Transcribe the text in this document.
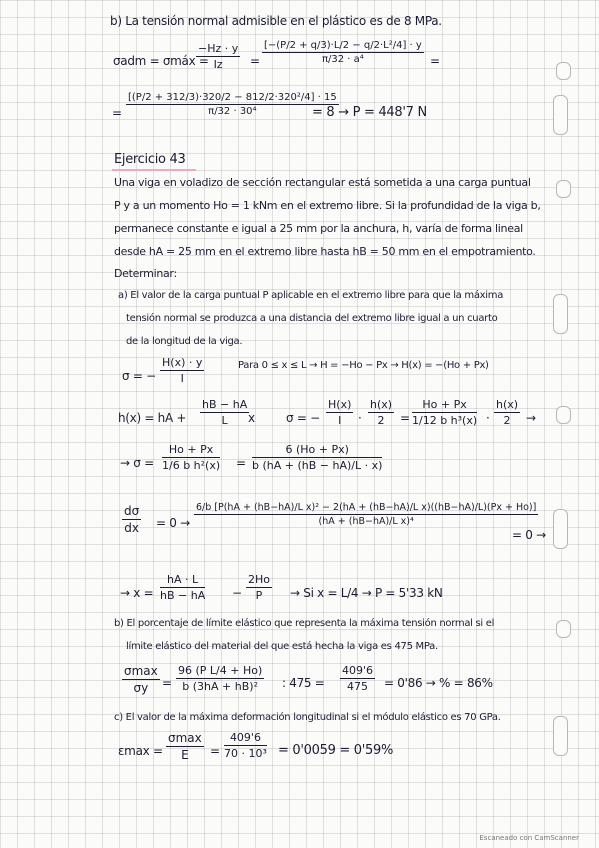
b) La tensión normal admisible en el plástico es de 8 MPa.
σadm = σmáx =
$\frac{-Hz \cdot y}{Iz} = \frac{\text{[−(P/2 + q/3)·L/2 − q/2·L²/4] · y}}{\text{π/32 · a⁴}}$ =
= $\frac{\text{[(P/2 + 312/3)·320/2 − 812/2·320²/4] · 15}}{\text{π/32 · 30⁴}}$
= 8 → P = 448'7 N
Ejercicio 43
Una viga en voladizo de sección rectangular está sometida a una carga puntual
P y a un momento Ho = 1 kNm en el extremo libre. Si la profundidad de la viga b,
permanece constante e igual a 25 mm por la anchura, h, varía de forma lineal
desde hA = 25 mm en el extremo libre hasta hB = 50 mm en el empotramiento.
Determinar:
a) El valor de la carga puntual P aplicable en el extremo libre para que la máxima
tensión normal se produzca a una distancia del extremo libre igual a un cuarto
de la longitud de la viga.
σ = − $\frac{H(x) \cdot y}{I}$	Para 0 ≤ x ≤ L → H = −Ho − Px → H(x) = −(Ho + Px)
h(x) = hA + $\frac{hB - hA}{L}$
x	σ = − $\frac{H(x)}{I} \cdot \frac{h(x)}{2} = \frac{Ho + Px}{\text{1/12 b h³(x)}} \cdot \frac{h(x)}{2}$ →
→ $\sigma = \frac{Ho + Px}{\text{1/6 b h²(x)}} = \frac{6 (Ho + Px)}{b (hA + (hB - hA)/L \cdot x)}$
$\frac{d\sigma}{dx} = 0$ →
6/b [P(hA + (hB−hA)/L x)² − 2(hA + (hB−hA)/L x)((hB−hA)/L)(Px + Ho)]
(hA + (hB−hA)/L x)⁴
= 0 →
→ $x = \frac{hA \cdot L}{hB - hA} - \frac{2Ho}{P} \to Si$ x = L/4 → P = 5'33 kN
b) El porcentaje de límite elástico que representa la máxima tensión normal si el
límite elástico del material del que está hecha la viga es 475 MPa.
σmax
σy	= $\frac{\text{96 (P L/4 + Ho)}}{\text{b (3hA + hB)²}}$ : $475 = \frac{409'6}{475} = 0'86$ → % = 86%
c) El valor de la máxima deformación longitudinal si el módulo elástico es 70 GPa.
εmax =
σmax
E	= $\frac{409'6}{\text{70 · 10³}} = 0'0059 = 0'59\%$
Escaneado con CamScanner
